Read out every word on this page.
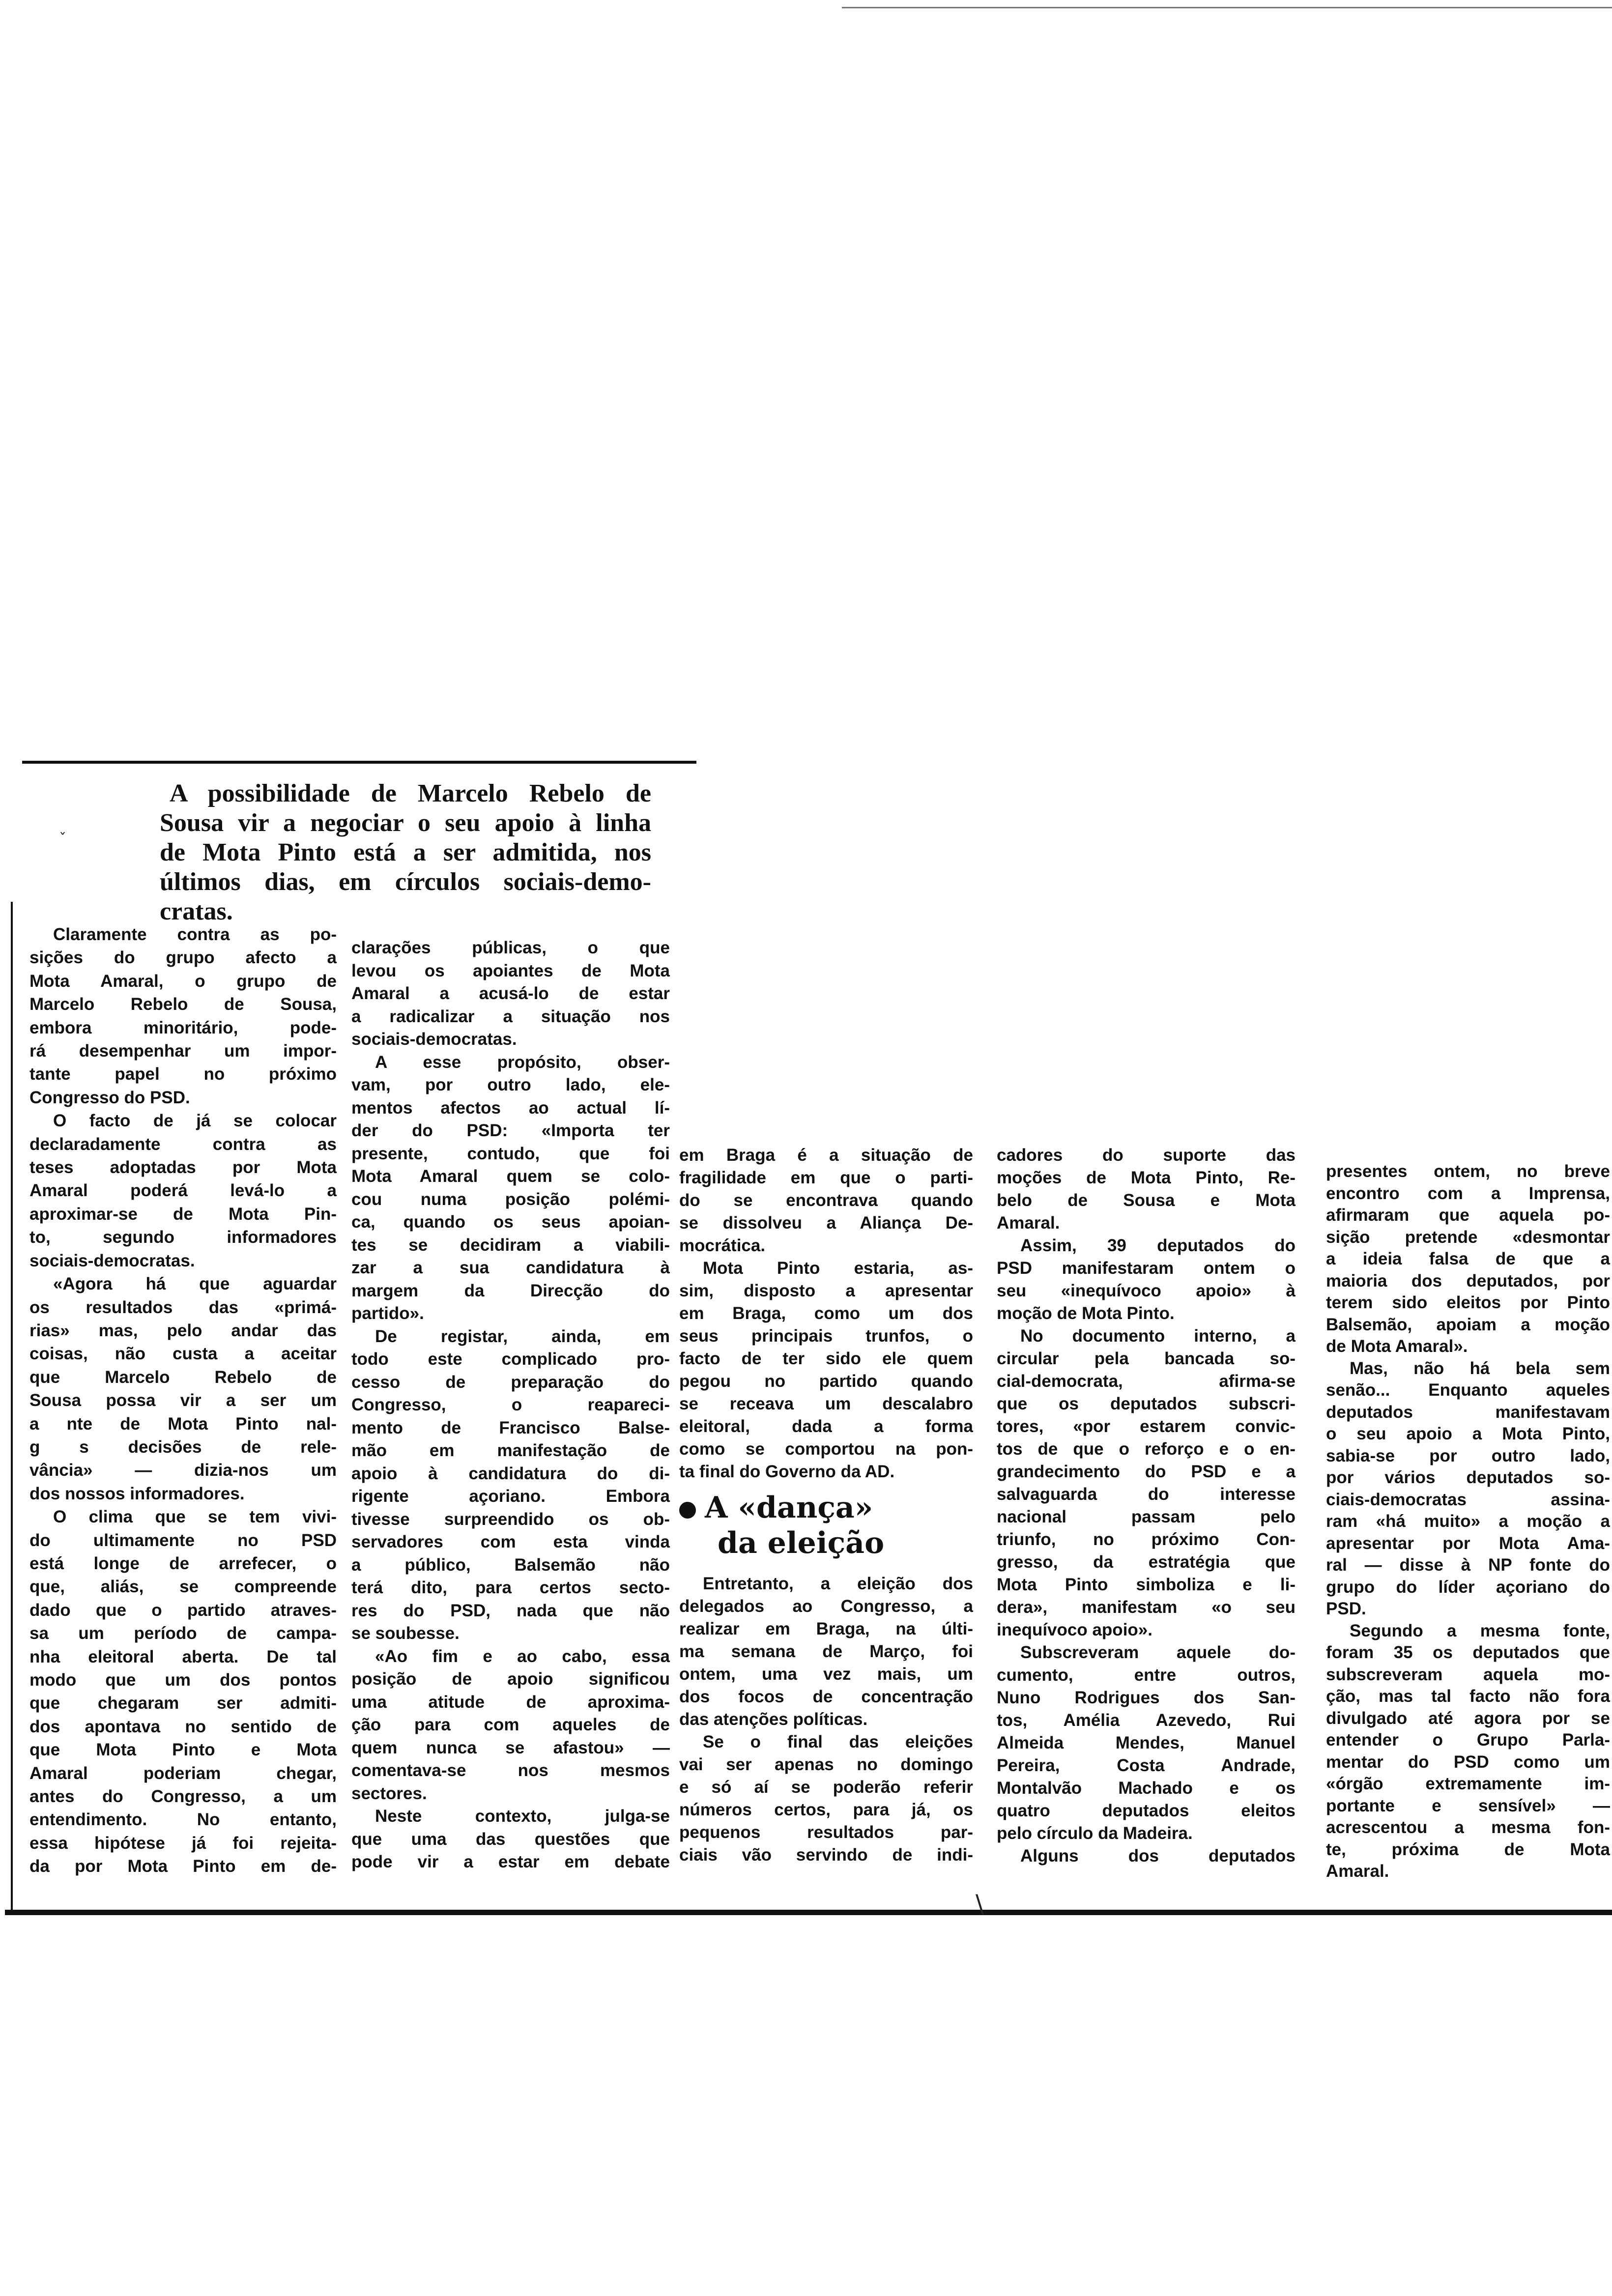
ˇ
\
A possibilidade de Marcelo Rebelo de
Sousa vir a negociar o seu apoio à linha
de Mota Pinto está a ser admitida, nos
últimos dias, em círculos sociais-demo-
cratas.
Claramente contra as po-
sições do grupo afecto a
Mota Amaral, o grupo de
Marcelo Rebelo de Sousa,
embora minoritário, pode-
rá desempenhar um impor-
tante papel no próximo
Congresso do PSD.
O facto de já se colocar
declaradamente contra as
teses adoptadas por Mota
Amaral poderá levá-lo a
aproximar-se de Mota Pin-
to, segundo informadores
sociais-democratas.
«Agora há que aguardar
os resultados das «primá-
rias» mas, pelo andar das
coisas, não custa a aceitar
que Marcelo Rebelo de
Sousa possa vir a ser um
a nte de Mota Pinto nal-
g s decisões de rele-
vância» — dizia-nos um
dos nossos informadores.
O clima que se tem vivi-
do ultimamente no PSD
está longe de arrefecer, o
que, aliás, se compreende
dado que o partido atraves-
sa um período de campa-
nha eleitoral aberta. De tal
modo que um dos pontos
que chegaram ser admiti-
dos apontava no sentido de
que Mota Pinto e Mota
Amaral poderiam chegar,
antes do Congresso, a um
entendimento. No entanto,
essa hipótese já foi rejeita-
da por Mota Pinto em de-
clarações públicas, o que
levou os apoiantes de Mota
Amaral a acusá-lo de estar
a radicalizar a situação nos
sociais-democratas.
A esse propósito, obser-
vam, por outro lado, ele-
mentos afectos ao actual lí-
der do PSD: «Importa ter
presente, contudo, que foi
Mota Amaral quem se colo-
cou numa posição polémi-
ca, quando os seus apoian-
tes se decidiram a viabili-
zar a sua candidatura à
margem da Direcção do
partido».
De registar, ainda, em
todo este complicado pro-
cesso de preparação do
Congresso, o reapareci-
mento de Francisco Balse-
mão em manifestação de
apoio à candidatura do di-
rigente açoriano. Embora
tivesse surpreendido os ob-
servadores com esta vinda
a público, Balsemão não
terá dito, para certos secto-
res do PSD, nada que não
se soubesse.
«Ao fim e ao cabo, essa
posição de apoio significou
uma atitude de aproxima-
ção para com aqueles de
quem nunca se afastou» —
comentava-se nos mesmos
sectores.
Neste contexto, julga-se
que uma das questões que
pode vir a estar em debate
em Braga é a situação de
fragilidade em que o parti-
do se encontrava quando
se dissolveu a Aliança De-
mocrática.
Mota Pinto estaria, as-
sim, disposto a apresentar
em Braga, como um dos
seus principais trunfos, o
facto de ter sido ele quem
pegou no partido quando
se receava um descalabro
eleitoral, dada a forma
como se comportou na pon-
ta final do Governo da AD.
A «dança»
da eleição
Entretanto, a eleição dos
delegados ao Congresso, a
realizar em Braga, na últi-
ma semana de Março, foi
ontem, uma vez mais, um
dos focos de concentração
das atenções políticas.
Se o final das eleições
vai ser apenas no domingo
e só aí se poderão referir
números certos, para já, os
pequenos resultados par-
ciais vão servindo de indi-
cadores do suporte das
moções de Mota Pinto, Re-
belo de Sousa e Mota
Amaral.
Assim, 39 deputados do
PSD manifestaram ontem o
seu «inequívoco apoio» à
moção de Mota Pinto.
No documento interno, a
circular pela bancada so-
cial-democrata, afirma-se
que os deputados subscri-
tores, «por estarem convic-
tos de que o reforço e o en-
grandecimento do PSD e a
salvaguarda do interesse
nacional passam pelo
triunfo, no próximo Con-
gresso, da estratégia que
Mota Pinto simboliza e li-
dera», manifestam «o seu
inequívoco apoio».
Subscreveram aquele do-
cumento, entre outros,
Nuno Rodrigues dos San-
tos, Amélia Azevedo, Rui
Almeida Mendes, Manuel
Pereira, Costa Andrade,
Montalvão Machado e os
quatro deputados eleitos
pelo círculo da Madeira.
Alguns dos deputados
presentes ontem, no breve
encontro com a Imprensa,
afirmaram que aquela po-
sição pretende «desmontar
a ideia falsa de que a
maioria dos deputados, por
terem sido eleitos por Pinto
Balsemão, apoiam a moção
de Mota Amaral».
Mas, não há bela sem
senão... Enquanto aqueles
deputados manifestavam
o seu apoio a Mota Pinto,
sabia-se por outro lado,
por vários deputados so-
ciais-democratas assina-
ram «há muito» a moção a
apresentar por Mota Ama-
ral — disse à NP fonte do
grupo do líder açoriano do
PSD.
Segundo a mesma fonte,
foram 35 os deputados que
subscreveram aquela mo-
ção, mas tal facto não fora
divulgado até agora por se
entender o Grupo Parla-
mentar do PSD como um
«órgão extremamente im-
portante e sensível» —
acrescentou a mesma fon-
te, próxima de Mota
Amaral.
